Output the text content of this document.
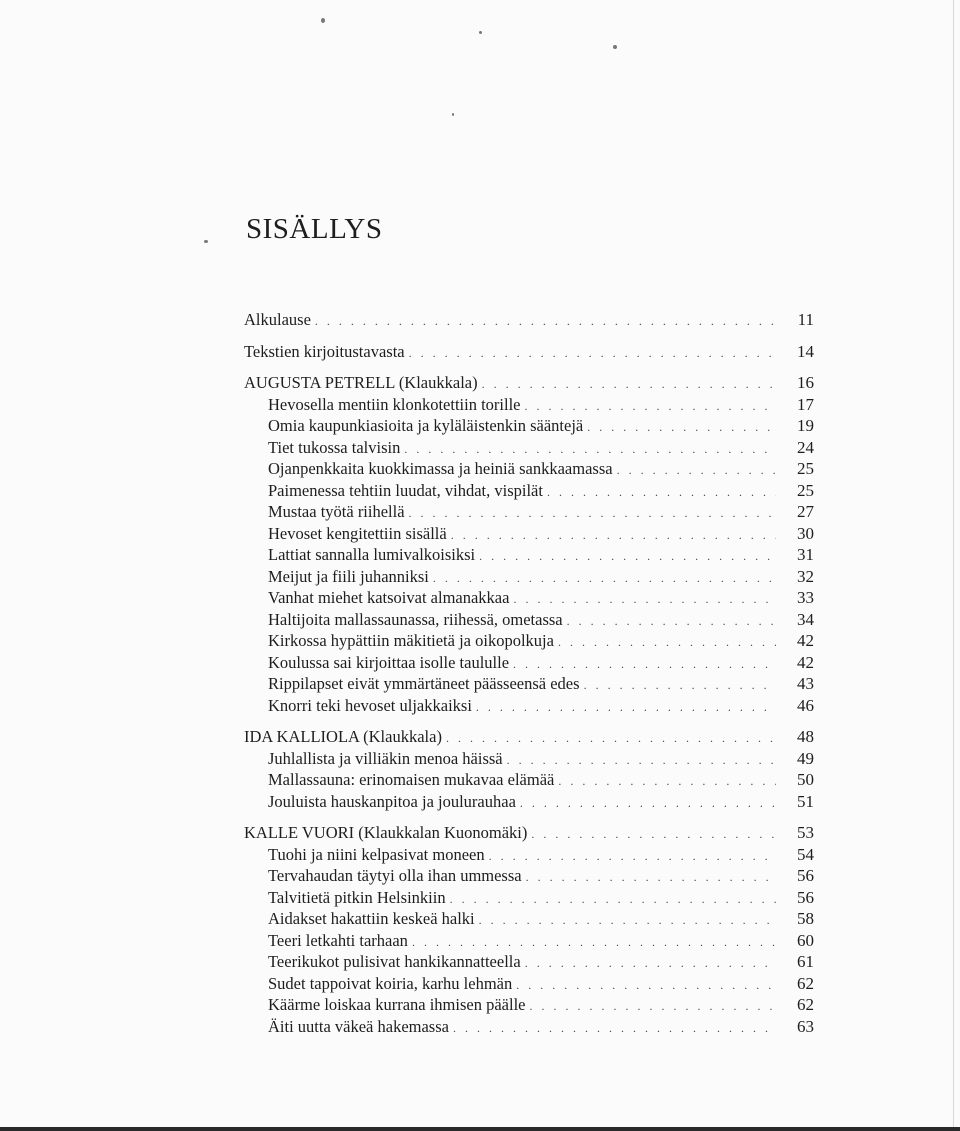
SISÄLLYS
Alkulause . . .	11
Tekstien kirjoitustavasta . . .	14
AUGUSTA PETRELL (Klaukkala) . . .	16
Hevosella mentiin klonkotettiin torille . . .	17
Omia kaupunkiasioita ja kyläläistenkin sääntejä . . .	19
Tiet tukossa talvisin . . .	24
Ojanpenkkaita kuokkimassa ja heiniä sankkaamassa . . .	25
Paimenessa tehtiin luudat, vihdat, vispilät . . .	25
Mustaa työtä riihellä . . .	27
Hevoset kengitettiin sisällä . . .	30
Lattiat sannalla lumivalkoisiksi . . .	31
Meijut ja fiili juhanniksi . . .	32
Vanhat miehet katsoivat almanakkaa . . .	33
Haltijoita mallassaunassa, riihessä, ometassa . . .	34
Kirkossa hypättiin mäkitietä ja oikopolkuja . . .	42
Koulussa sai kirjoittaa isolle taululle . . .	42
Rippilapset eivät ymmärtäneet päässeensä edes . . .	43
Knorri teki hevoset uljakkaiksi . . .	46
IDA KALLIOLA (Klaukkala) . . .	48
Juhlallista ja villiäkin menoa häissä . . .	49
Mallassauna: erinomaisen mukavaa elämää . . .	50
Jouluista hauskanpitoa ja joulurauhaa . . .	51
KALLE VUORI (Klaukkalan Kuonomäki) . . .	53
Tuohi ja niini kelpasivat moneen . . .	54
Tervahaudan täytyi olla ihan ummessa . . .	56
Talvitietä pitkin Helsinkiin . . .	56
Aidakset hakattiin keskeä halki . . .	58
Teeri letkahti tarhaan . . .	60
Teerikukot pulisivat hankikannatteella . . .	61
Sudet tappoivat koiria, karhu lehmän . . .	62
Käärme loiskaa kurrana ihmisen päälle . . .	62
Äiti uutta väkeä hakemassa . . .	63
